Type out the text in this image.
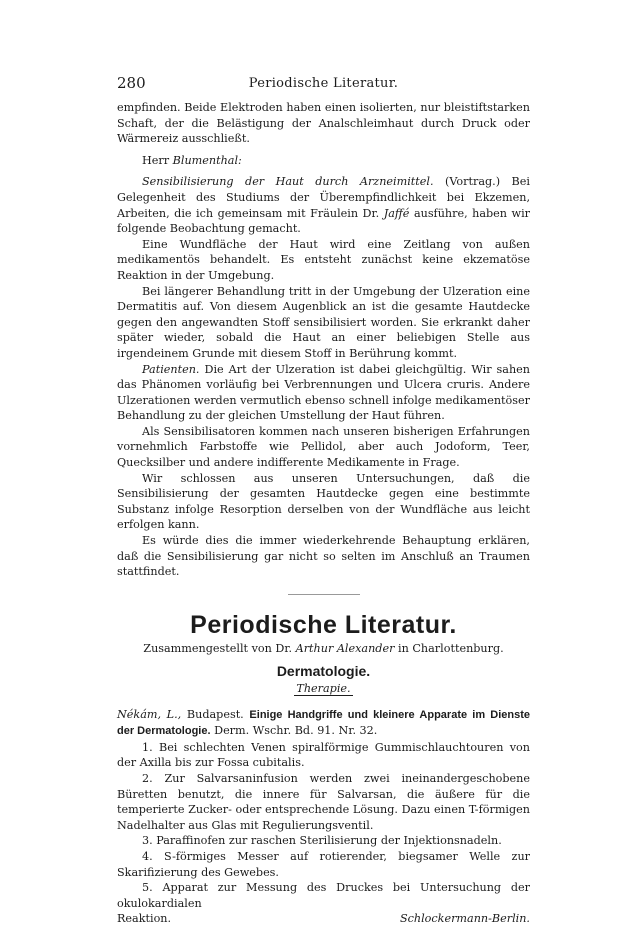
280	Periodische Literatur.

empfinden. Beide Elektroden haben einen isolierten, nur bleistiftstarken Schaft, der die Belästigung der Analschleimhaut durch Druck oder Wärmereiz ausschließt.

Herr Blumenthal:

Sensibilisierung der Haut durch Arzneimittel. (Vortrag.) Bei Gelegenheit des Studiums der Überempfindlichkeit bei Ekzemen, Arbeiten, die ich gemeinsam mit Fräulein Dr. Jaffé ausführe, haben wir folgende Beobachtung gemacht.

Eine Wundfläche der Haut wird eine Zeitlang von außen medikamentös behandelt. Es entsteht zunächst keine ekzematöse Reaktion in der Umgebung.

Bei längerer Behandlung tritt in der Umgebung der Ulzeration eine Dermatitis auf. Von diesem Augenblick an ist die gesamte Hautdecke gegen den angewandten Stoff sensibilisiert worden. Sie erkrankt daher später wieder, sobald die Haut an einer beliebigen Stelle aus irgendeinem Grunde mit diesem Stoff in Berührung kommt.

Patienten. Die Art der Ulzeration ist dabei gleichgültig. Wir sahen das Phänomen vorläufig bei Verbrennungen und Ulcera cruris. Andere Ulzerationen werden vermutlich ebenso schnell infolge medikamentöser Behandlung zu der gleichen Umstellung der Haut führen.

Als Sensibilisatoren kommen nach unseren bisherigen Erfahrungen vornehmlich Farbstoffe wie Pellidol, aber auch Jodoform, Teer, Quecksilber und andere indifferente Medikamente in Frage.

Wir schlossen aus unseren Untersuchungen, daß die Sensibilisierung der gesamten Hautdecke gegen eine bestimmte Substanz infolge Resorption derselben von der Wundfläche aus leicht erfolgen kann.

Es würde dies die immer wiederkehrende Behauptung erklären, daß die Sensibilisierung gar nicht so selten im Anschluß an Traumen stattfindet.

Periodische Literatur.
Zusammengestellt von Dr. Arthur Alexander in Charlottenburg.
Dermatologie.
Therapie.

Nékám, L., Budapest. Einige Handgriffe und kleinere Apparate im Dienste der Dermatologie. Derm. Wschr. Bd. 91. Nr. 32.

1. Bei schlechten Venen spiralförmige Gummischlauchtouren von der Axilla bis zur Fossa cubitalis.

2. Zur Salvarsaninfusion werden zwei ineinandergeschobene Büretten benutzt, die innere für Salvarsan, die äußere für die temperierte Zucker- oder entsprechende Lösung. Dazu einen T-förmigen Nadelhalter aus Glas mit Regulierungsventil.

3. Paraffinofen zur raschen Sterilisierung der Injektionsnadeln.

4. S-förmiges Messer auf rotierender, biegsamer Welle zur Skarifizierung des Gewebes.

5. Apparat zur Messung des Druckes bei Untersuchung der okulokardialen

Reaktion.	Schlockermann-Berlin.
